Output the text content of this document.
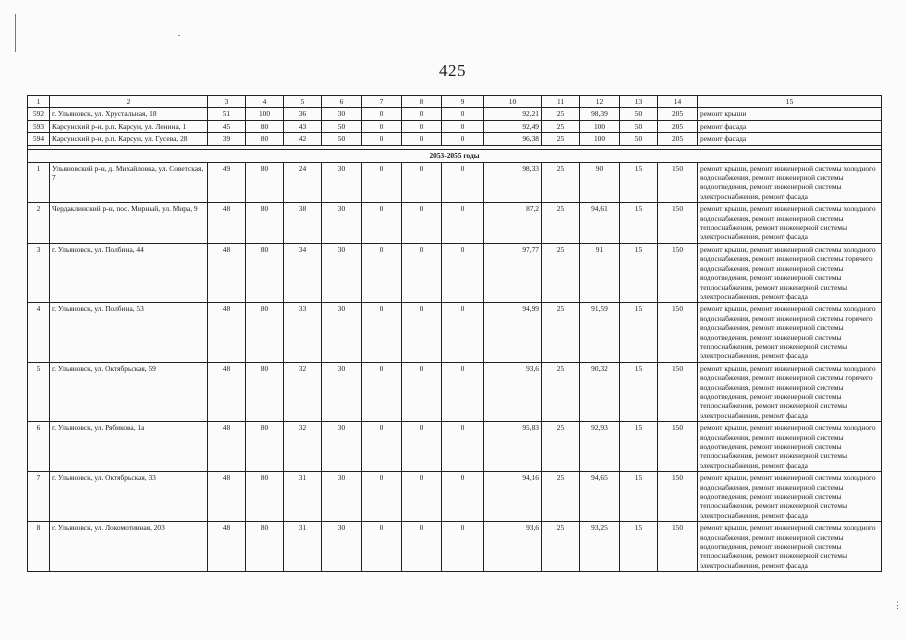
425
1	2	3	4	5	6	7	8	9	10	11	12	13	14	15
592	г. Ульяновск, ул. Хрустальная, 18	51	100	36	30	0	0	0	92,21	25	98,39	50	205	ремонт крыши
593	Карсунский р-н, р.п. Карсун, ул. Ленина, 1	45	80	43	50	0	0	0	92,49	25	100	50	205	ремонт фасада
594	Карсунский р-н, р.п. Карсун, ул. Гусева, 28	39	80	42	50	0	0	0	96,38	25	100	50	205	ремонт фасада

2053-2055 годы														
1	Ульяновский р-н, д. Михайловка, ул. Советская, 7	49	80	24	30	0	0	0	98,33	25	90	15	150	ремонт крыши, ремонт инженерной системы холодного водоснабжения, ремонт инженерной системы водоотведения, ремонт инженерной системы электроснабжения, ремонт фасада
2	Чердаклинский р-н, пос. Мирный, ул. Мира, 9	48	80	38	30	0	0	0	87,2	25	94,61	15	150	ремонт крыши, ремонт инженерной системы холодного водоснабжения, ремонт инженерной системы теплоснабжения, ремонт инженерной системы электроснабжения, ремонт фасада
3	г. Ульяновск, ул. Полбина, 44	48	80	34	30	0	0	0	97,77	25	91	15	150	ремонт крыши, ремонт инженерной системы холодного водоснабжения, ремонт инженерной системы горячего водоснабжения, ремонт инженерной системы водоотведения, ремонт инженерной системы теплоснабжения, ремонт инженерной системы электроснабжения, ремонт фасада
4	г. Ульяновск, ул. Полбина, 53	48	80	33	30	0	0	0	94,99	25	91,59	15	150	ремонт крыши, ремонт инженерной системы холодного водоснабжения, ремонт инженерной системы горячего водоснабжения, ремонт инженерной системы водоотведения, ремонт инженерной системы теплоснабжения, ремонт инженерной системы электроснабжения, ремонт фасада
5	г. Ульяновск, ул. Октябрьская, 59	48	80	32	30	0	0	0	93,6	25	90,32	15	150	ремонт крыши, ремонт инженерной системы холодного водоснабжения, ремонт инженерной системы горячего водоснабжения, ремонт инженерной системы водоотведения, ремонт инженерной системы теплоснабжения, ремонт инженерной системы электроснабжения, ремонт фасада
6	г. Ульяновск, ул. Рябикова, 1а	48	80	32	30	0	0	0	95,83	25	92,93	15	150	ремонт крыши, ремонт инженерной системы холодного водоснабжения, ремонт инженерной системы водоотведения, ремонт инженерной системы теплоснабжения, ремонт инженерной системы электроснабжения, ремонт фасада
7	г. Ульяновск, ул. Октябрьская, 33	48	80	31	30	0	0	0	94,16	25	94,65	15	150	ремонт крыши, ремонт инженерной системы холодного водоснабжения, ремонт инженерной системы водоотведения, ремонт инженерной системы теплоснабжения, ремонт инженерной системы электроснабжения, ремонт фасада
8	г. Ульяновск, ул. Локомотивная, 203	48	80	31	30	0	0	0	93,6	25	93,25	15	150	ремонт крыши, ремонт инженерной системы холодного водоснабжения, ремонт инженерной системы водоотведения, ремонт инженерной системы теплоснабжения, ремонт инженерной системы электроснабжения, ремонт фасада
⋮
